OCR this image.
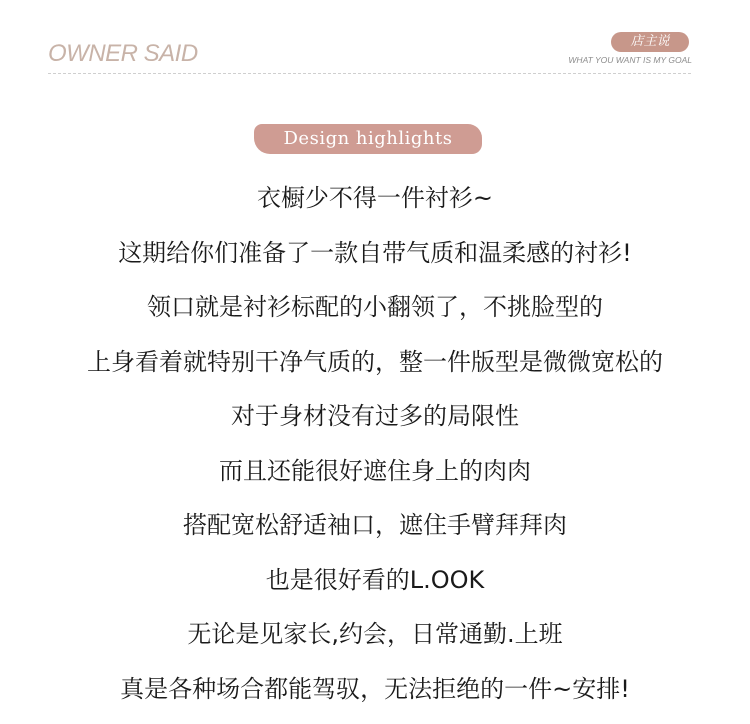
OWNER SAID	店主说
WHAT YOU WANT IS MY GOAL
Design highlights
衣橱少不得一件衬衫~
这期给你们准备了一款自带气质和温柔感的衬衫!
领口就是衬衫标配的小翻领了，不挑脸型的
上身看着就特别干净气质的，整一件版型是微微宽松的
对于身材没有过多的局限性
而且还能很好遮住身上的肉肉
搭配宽松舒适袖口，遮住手臂拜拜肉
也是很好看的L.OOK
无论是见家长,约会，日常通勤.上班
真是各种场合都能驾驭，无法拒绝的一件~安排!
